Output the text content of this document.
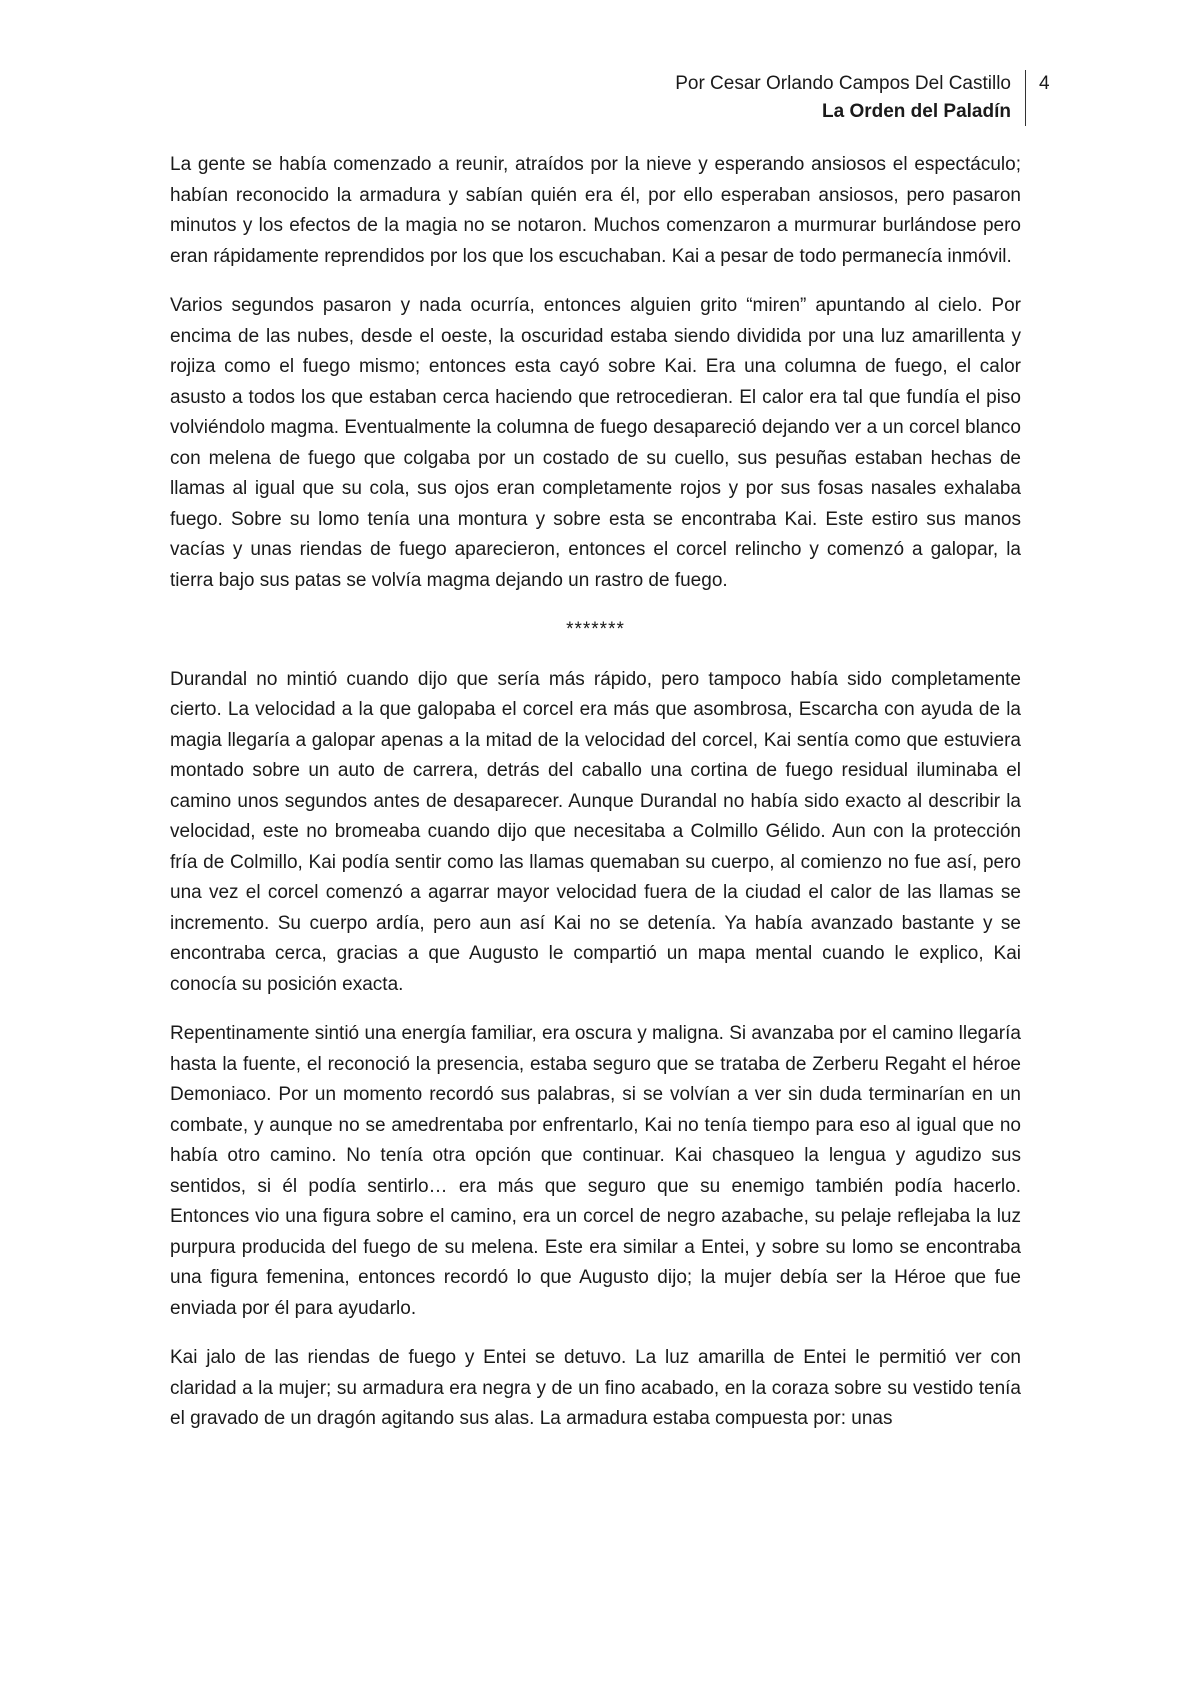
Por Cesar Orlando Campos Del Castillo
La Orden del Paladín
4

La gente se había comenzado a reunir, atraídos por la nieve y esperando ansiosos el espectáculo; habían reconocido la armadura y sabían quién era él, por ello esperaban ansiosos, pero pasaron minutos y los efectos de la magia no se notaron. Muchos comenzaron a murmurar burlándose pero eran rápidamente reprendidos por los que los escuchaban. Kai a pesar de todo permanecía inmóvil.

Varios segundos pasaron y nada ocurría, entonces alguien grito “miren” apuntando al cielo. Por encima de las nubes, desde el oeste, la oscuridad estaba siendo dividida por una luz amarillenta y rojiza como el fuego mismo; entonces esta cayó sobre Kai. Era una columna de fuego, el calor asusto a todos los que estaban cerca haciendo que retrocedieran. El calor era tal que fundía el piso volviéndolo magma. Eventualmente la columna de fuego desapareció dejando ver a un corcel blanco con melena de fuego que colgaba por un costado de su cuello, sus pesuñas estaban hechas de llamas al igual que su cola, sus ojos eran completamente rojos y por sus fosas nasales exhalaba fuego. Sobre su lomo tenía una montura y sobre esta se encontraba Kai. Este estiro sus manos vacías y unas riendas de fuego aparecieron, entonces el corcel relincho y comenzó a galopar, la tierra bajo sus patas se volvía magma dejando un rastro de fuego.

*******

Durandal no mintió cuando dijo que sería más rápido, pero tampoco había sido completamente cierto. La velocidad a la que galopaba el corcel era más que asombrosa, Escarcha con ayuda de la magia llegaría a galopar apenas a la mitad de la velocidad del corcel, Kai sentía como que estuviera montado sobre un auto de carrera, detrás del caballo una cortina de fuego residual iluminaba el camino unos segundos antes de desaparecer. Aunque Durandal no había sido exacto al describir la velocidad, este no bromeaba cuando dijo que necesitaba a Colmillo Gélido. Aun con la protección fría de Colmillo, Kai podía sentir como las llamas quemaban su cuerpo, al comienzo no fue así, pero una vez el corcel comenzó a agarrar mayor velocidad fuera de la ciudad el calor de las llamas se incremento. Su cuerpo ardía, pero aun así Kai no se detenía. Ya había avanzado bastante y se encontraba cerca, gracias a que Augusto le compartió un mapa mental cuando le explico, Kai conocía su posición exacta.

Repentinamente sintió una energía familiar, era oscura y maligna. Si avanzaba por el camino llegaría hasta la fuente, el reconoció la presencia, estaba seguro que se trataba de Zerberu Regaht el héroe Demoniaco. Por un momento recordó sus palabras, si se volvían a ver sin duda terminarían en un combate, y aunque no se amedrentaba por enfrentarlo, Kai no tenía tiempo para eso al igual que no había otro camino. No tenía otra opción que continuar. Kai chasqueo la lengua y agudizo sus sentidos, si él podía sentirlo… era más que seguro que su enemigo también podía hacerlo. Entonces vio una figura sobre el camino, era un corcel de negro azabache, su pelaje reflejaba la luz purpura producida del fuego de su melena. Este era similar a Entei, y sobre su lomo se encontraba una figura femenina, entonces recordó lo que Augusto dijo; la mujer debía ser la Héroe que fue enviada por él para ayudarlo.

Kai jalo de las riendas de fuego y Entei se detuvo. La luz amarilla de Entei le permitió ver con claridad a la mujer; su armadura era negra y de un fino acabado, en la coraza sobre su vestido tenía el gravado de un dragón agitando sus alas. La armadura estaba compuesta por: unas
